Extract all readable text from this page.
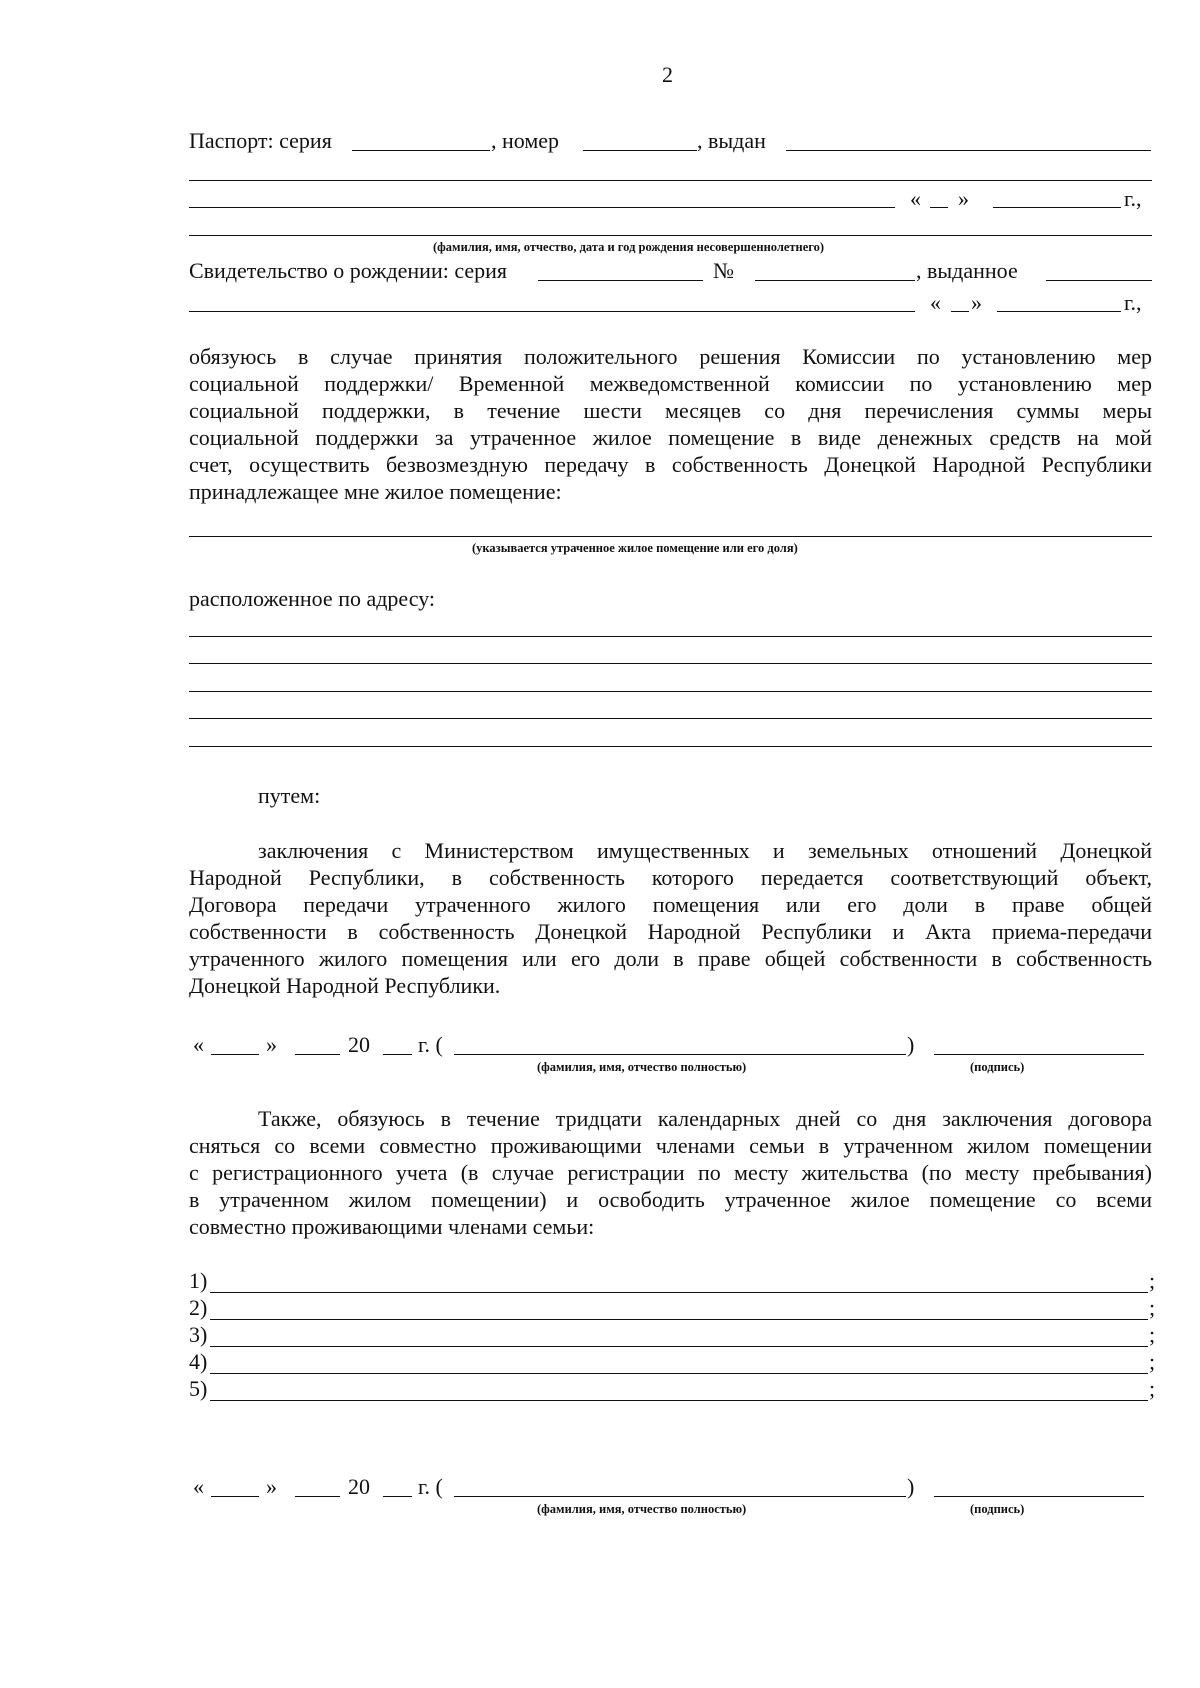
2
Паспорт: серия	, номер	, выдан
« »	г.,
(фамилия, имя, отчество, дата и год рождения несовершеннолетнего)
Свидетельство о рождении: серия	№	, выданное
« »	г.,
обязуюсь в случае принятия положительного решения Комиссии по установлению мер
социальной поддержки/ Временной межведомственной комиссии по установлению мер
социальной поддержки, в течение шести месяцев со дня перечисления суммы меры
социальной поддержки за утраченное жилое помещение в виде денежных средств на мой
счет, осуществить безвозмездную передачу в собственность Донецкой Народной Республики
принадлежащее мне жилое помещение:
(указывается утраченное жилое помещение или его доля)
расположенное по адресу:
путем:
заключения с Министерством имущественных и земельных отношений Донецкой
Народной Республики, в собственность которого передается соответствующий объект,
Договора передачи утраченного жилого помещения или его доли в праве общей
собственности в собственность Донецкой Народной Республики и Акта приема-передачи
утраченного жилого помещения или его доли в праве общей собственности в собственность
Донецкой Народной Республики.
«	»	20 г. (	)
(фамилия, имя, отчество полностью)	(подпись)
Также, обязуюсь в течение тридцати календарных дней со дня заключения договора
сняться со всеми совместно проживающими членами семьи в утраченном жилом помещении
с регистрационного учета (в случае регистрации по месту жительства (по месту пребывания)
в утраченном жилом помещении) и освободить утраченное жилое помещение со всеми
совместно проживающими членами семьи:
1)	;
2)	;
3)	;
4)	;
5)	;
«	»	20 г. (	)
(фамилия, имя, отчество полностью)	(подпись)
